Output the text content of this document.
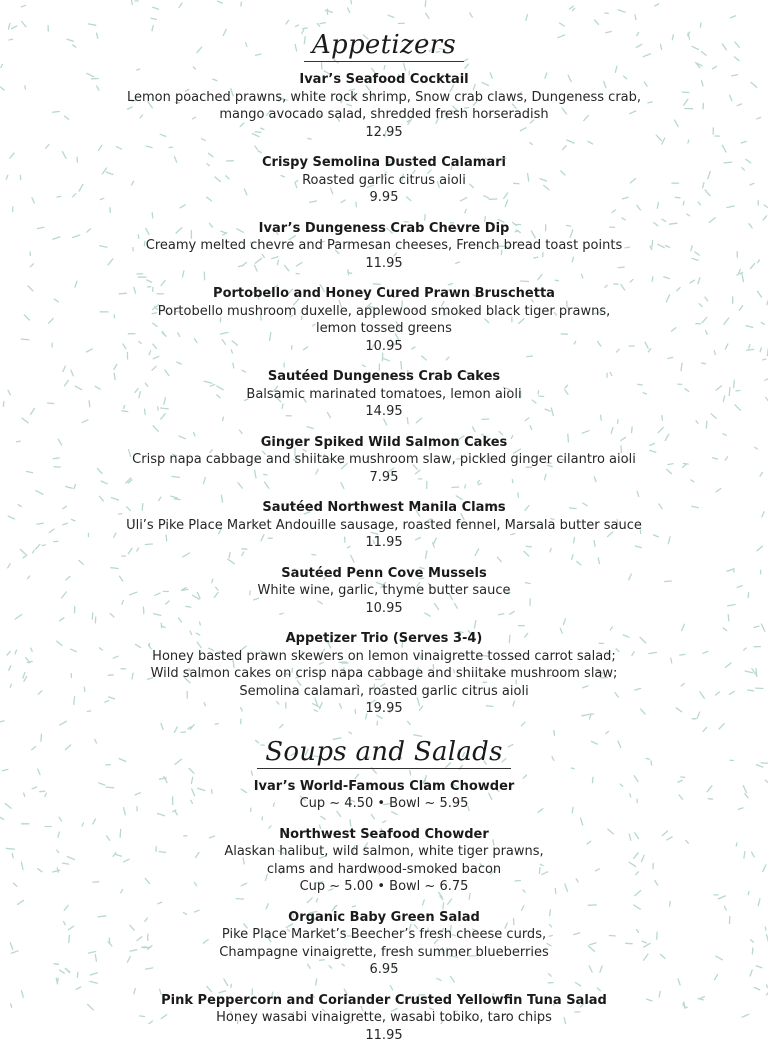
Appetizers
Ivar’s Seafood Cocktail
Lemon poached prawns, white rock shrimp, Snow crab claws, Dungeness crab,
mango avocado salad, shredded fresh horseradish
12.95
Crispy Semolina Dusted Calamari
Roasted garlic citrus aioli
9.95
Ivar’s Dungeness Crab Chevre Dip
Creamy melted chevre and Parmesan cheeses, French bread toast points
11.95
Portobello and Honey Cured Prawn Bruschetta
Portobello mushroom duxelle, applewood smoked black tiger prawns,
lemon tossed greens
10.95
Sautéed Dungeness Crab Cakes
Balsamic marinated tomatoes, lemon aioli
14.95
Ginger Spiked Wild Salmon Cakes
Crisp napa cabbage and shiitake mushroom slaw, pickled ginger cilantro aioli
7.95
Sautéed Northwest Manila Clams
Uli’s Pike Place Market Andouille sausage, roasted fennel, Marsala butter sauce
11.95
Sautéed Penn Cove Mussels
White wine, garlic, thyme butter sauce
10.95
Appetizer Trio (Serves 3-4)
Honey basted prawn skewers on lemon vinaigrette tossed carrot salad;
Wild salmon cakes on crisp napa cabbage and shiitake mushroom slaw;
Semolina calamari, roasted garlic citrus aioli
19.95
Soups and Salads
Ivar’s World-Famous Clam Chowder
Cup ~ 4.50 • Bowl ~ 5.95
Northwest Seafood Chowder
Alaskan halibut, wild salmon, white tiger prawns,
clams and hardwood-smoked bacon
Cup ~ 5.00 • Bowl ~ 6.75
Organic Baby Green Salad
Pike Place Market’s Beecher’s fresh cheese curds,
Champagne vinaigrette, fresh summer blueberries
6.95
Pink Peppercorn and Coriander Crusted Yellowfin Tuna Salad
Honey wasabi vinaigrette, wasabi tobiko, taro chips
11.95
